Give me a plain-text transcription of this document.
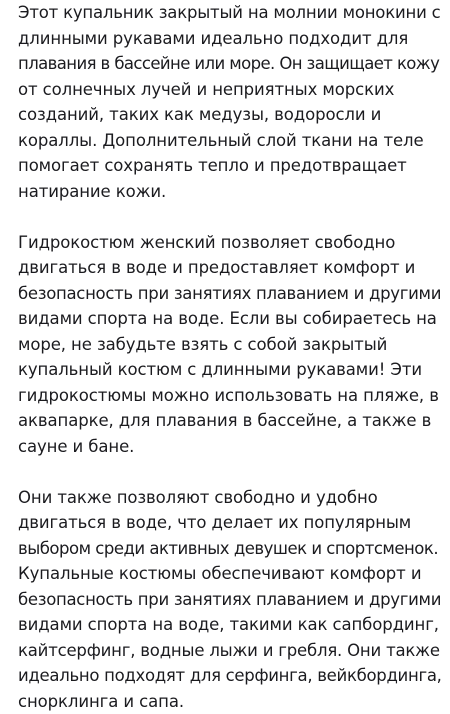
Этот купальник закрытый на молнии монокини с
длинными рукавами идеально подходит для
плавания в бассейне или море. Он защищает кожу
от солнечных лучей и неприятных морских
созданий, таких как медузы, водоросли и
кораллы. Дополнительный слой ткани на теле
помогает сохранять тепло и предотвращает
натирание кожи.

Гидрокостюм женский позволяет свободно
двигаться в воде и предоставляет комфорт и
безопасность при занятиях плаванием и другими
видами спорта на воде. Если вы собираетесь на
море, не забудьте взять с собой закрытый
купальный костюм с длинными рукавами! Эти
гидрокостюмы можно использовать на пляже, в
аквапарке, для плавания в бассейне, а также в
сауне и бане.

Они также позволяют свободно и удобно
двигаться в воде, что делает их популярным
выбором среди активных девушек и спортсменок.
Купальные костюмы обеспечивают комфорт и
безопасность при занятиях плаванием и другими
видами спорта на воде, такими как сапбординг,
кайтсерфинг, водные лыжи и гребля. Они также
идеально подходят для серфинга, вейкбординга,
снорклинга и сапа.
